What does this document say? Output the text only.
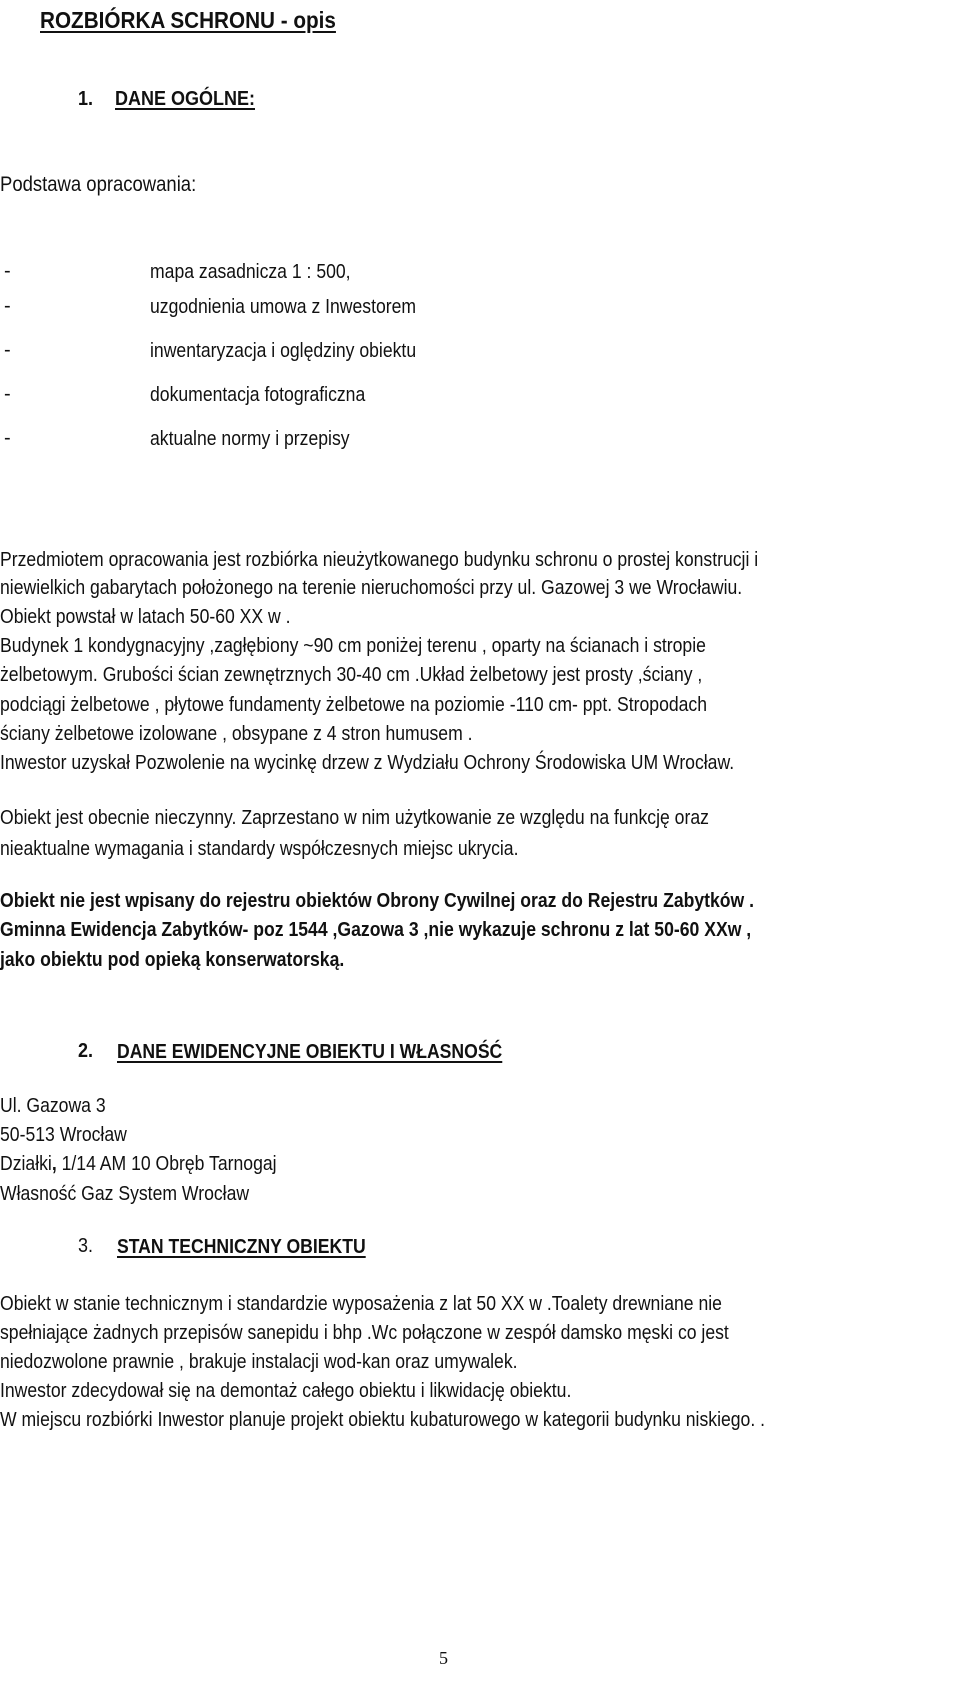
ROZBIÓRKA SCHRONU - opis
1. DANE OGÓLNE:
Podstawa opracowania:
-	mapa zasadnicza 1 : 500,
-	uzgodnienia umowa z Inwestorem
-	inwentaryzacja i oględziny obiektu
-	dokumentacja fotograficzna
-	aktualne normy i przepisy
Przedmiotem opracowania jest rozbiórka nieużytkowanego budynku schronu o prostej konstrucji i
niewielkich gabarytach położonego na terenie nieruchomości przy ul. Gazowej 3 we Wrocławiu.
Obiekt powstał w latach 50-60 XX w .
Budynek 1 kondygnacyjny ,zagłębiony ~90 cm poniżej terenu , oparty na ścianach i stropie
żelbetowym. Grubości ścian zewnętrznych 30-40 cm .Układ żelbetowy jest prosty ,ściany ,
podciągi żelbetowe , płytowe fundamenty żelbetowe na poziomie -110 cm- ppt. Stropodach
ściany żelbetowe izolowane , obsypane z 4 stron humusem .
Inwestor uzyskał Pozwolenie na wycinkę drzew z Wydziału Ochrony Środowiska UM Wrocław.
Obiekt jest obecnie nieczynny. Zaprzestano w nim użytkowanie ze względu na funkcję oraz
nieaktualne wymagania i standardy współczesnych miejsc ukrycia.
Obiekt nie jest wpisany do rejestru obiektów Obrony Cywilnej oraz do Rejestru Zabytków .
Gminna Ewidencja Zabytków- poz 1544 ,Gazowa 3 ,nie wykazuje schronu z lat 50-60 XXw ,
jako obiektu pod opieką konserwatorską.
2. DANE EWIDENCYJNE OBIEKTU I WŁASNOŚĆ
Ul. Gazowa 3
50-513 Wrocław
Działki, 1/14 AM 10 Obręb Tarnogaj
Własność Gaz System Wrocław
3. STAN TECHNICZNY OBIEKTU
Obiekt w stanie technicznym i standardzie wyposażenia z lat 50 XX w .Toalety drewniane nie
spełniające żadnych przepisów sanepidu i bhp .Wc połączone w zespół damsko męski co jest
niedozwolone prawnie , brakuje instalacji wod-kan oraz umywalek.
Inwestor zdecydował się na demontaż całego obiektu i likwidację obiektu.
W miejscu rozbiórki Inwestor planuje projekt obiektu kubaturowego w kategorii budynku niskiego. .
5
